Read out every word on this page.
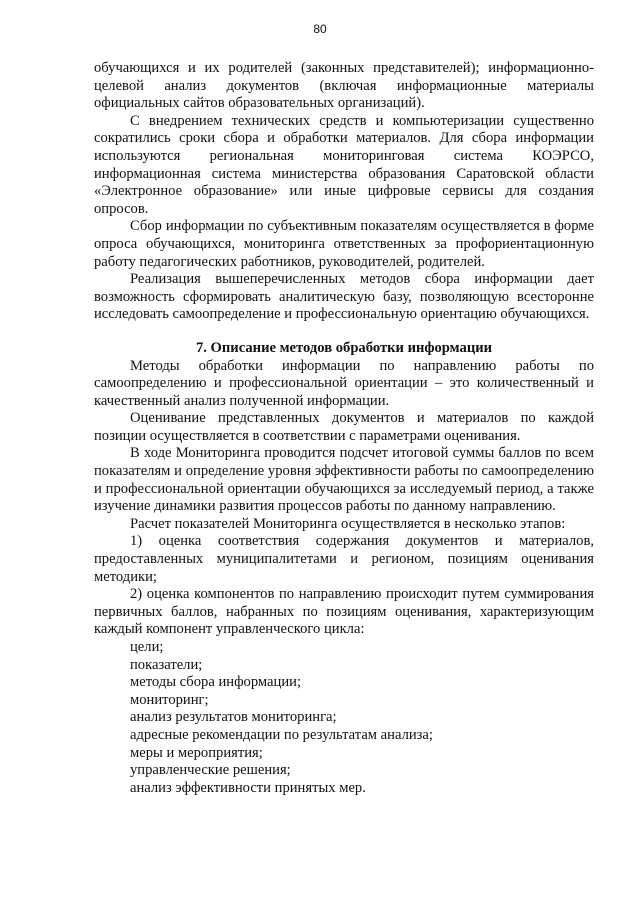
80

обучающихся и их родителей (законных представителей); информационно-целевой анализ документов (включая информационные материалы официальных сайтов образовательных организаций).

С внедрением технических средств и компьютеризации существенно сократились сроки сбора и обработки материалов. Для сбора информации используются региональная мониторинговая система КОЭРСО, информационная система министерства образования Саратовской области «Электронное образование» или иные цифровые сервисы для создания опросов.

Сбор информации по субъективным показателям осуществляется в форме опроса обучающихся, мониторинга ответственных за профориентационную работу педагогических работников, руководителей, родителей.

Реализация вышеперечисленных методов сбора информации дает возможность сформировать аналитическую базу, позволяющую всесторонне исследовать самоопределение и профессиональную ориентацию обучающихся.

7. Описание методов обработки информации

Методы обработки информации по направлению работы по самоопределению и профессиональной ориентации – это количественный и качественный анализ полученной информации.

Оценивание представленных документов и материалов по каждой позиции осуществляется в соответствии с параметрами оценивания.

В ходе Мониторинга проводится подсчет итоговой суммы баллов по всем показателям и определение уровня эффективности работы по самоопределению и профессиональной ориентации обучающихся за исследуемый период, а также изучение динамики развития процессов работы по данному направлению.

Расчет показателей Мониторинга осуществляется в несколько этапов:

1) оценка соответствия содержания документов и материалов, предоставленных муниципалитетами и регионом, позициям оценивания методики;

2) оценка компонентов по направлению происходит путем суммирования первичных баллов, набранных по позициям оценивания, характеризующим каждый компонент управленческого цикла:

цели;
показатели;
методы сбора информации;
мониторинг;
анализ результатов мониторинга;
адресные рекомендации по результатам анализа;
меры и мероприятия;
управленческие решения;
анализ эффективности принятых мер.
